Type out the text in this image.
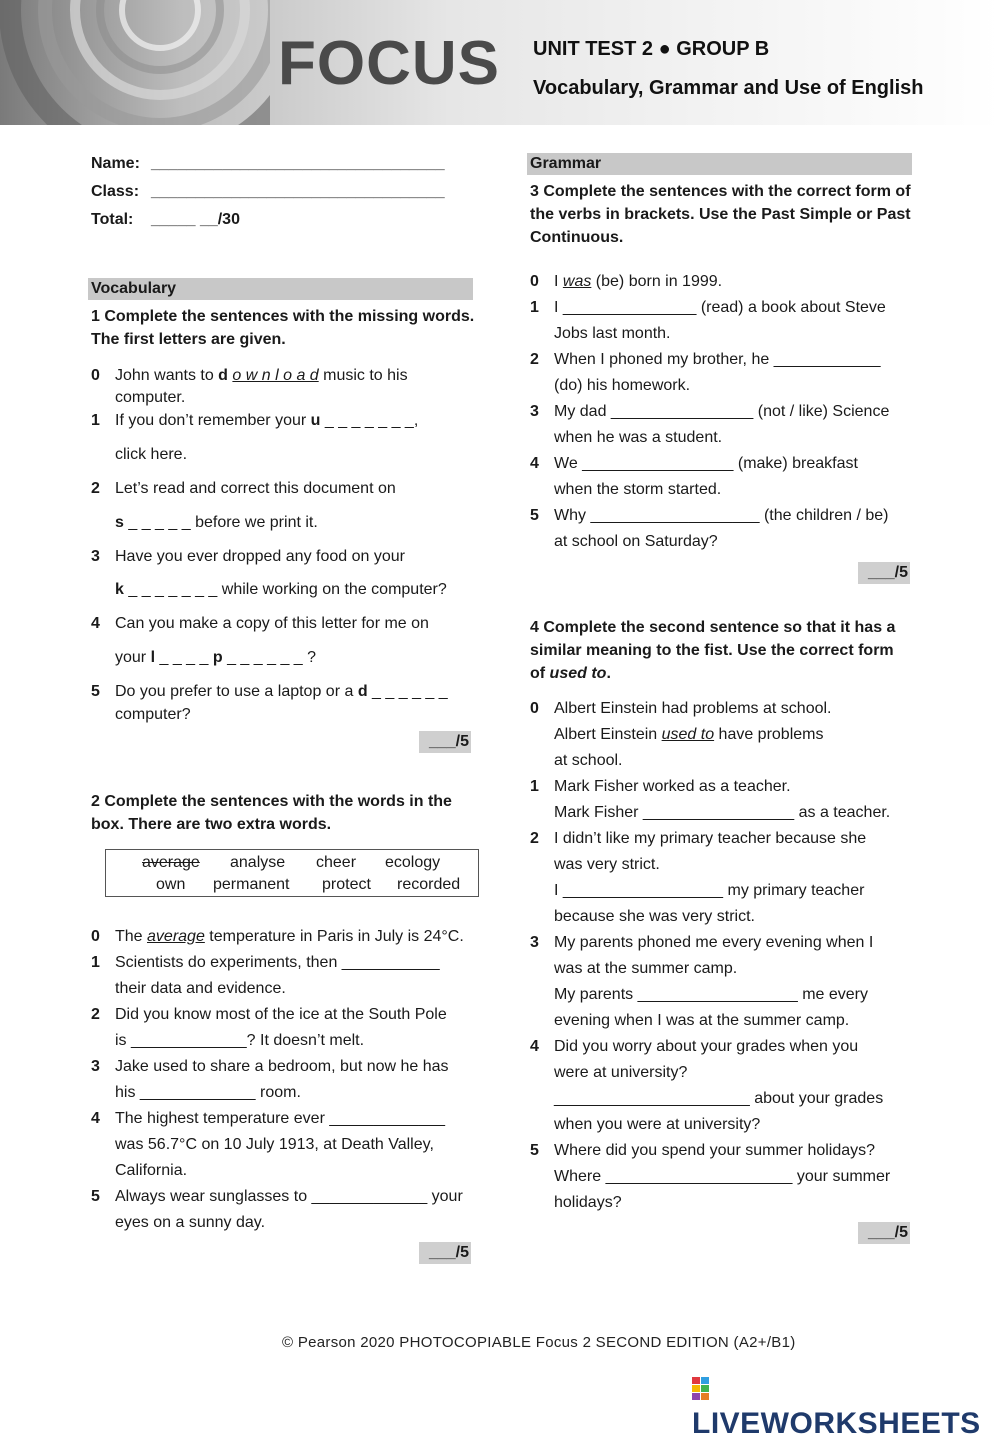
FOCUS UNIT TEST 2 ● GROUP B
Vocabulary, Grammar and Use of English
Name: _________________________________
Class: _________________________________
Total: _____ __/30
Vocabulary
1 Complete the sentences with the missing words.
The first letters are given.
0 John wants to d o w n l o a d music to his
computer.
1 If you don’t remember your u _ _ _ _ _ _ _,
click here.
2 Let’s read and correct this document on
s _ _ _ _ _ before we print it.
3 Have you ever dropped any food on your
k _ _ _ _ _ _ _ while working on the computer?
4 Can you make a copy of this letter for me on
your l _ _ _ _ p _ _ _ _ _ _ ?
5 Do you prefer to use a laptop or a d _ _ _ _ _ _
computer?
___/5
2 Complete the sentences with the words in the
box. There are two extra words.
average analyse cheer ecology
own permanent protect recorded
0 The average temperature in Paris in July is 24°C.
1 Scientists do experiments, then ___________
their data and evidence.
2 Did you know most of the ice at the South Pole
is _____________? It doesn’t melt.
3 Jake used to share a bedroom, but now he has
his _____________ room.
4 The highest temperature ever _____________
was 56.7°C on 10 July 1913, at Death Valley,
California.
5 Always wear sunglasses to _____________ your
eyes on a sunny day.
___/5
Grammar
3 Complete the sentences with the correct form of
the verbs in brackets. Use the Past Simple or Past
Continuous.
0 I was (be) born in 1999.
1 I _______________ (read) a book about Steve
Jobs last month.
2 When I phoned my brother, he ____________
(do) his homework.
3 My dad ________________ (not / like) Science
when he was a student.
4 We _________________ (make) breakfast
when the storm started.
5 Why ___________________ (the children / be)
at school on Saturday?
___/5
4 Complete the second sentence so that it has a
similar meaning to the fist. Use the correct form
of used to.
0 Albert Einstein had problems at school.
Albert Einstein used to have problems
at school.
1 Mark Fisher worked as a teacher.
Mark Fisher _________________ as a teacher.
2 I didn’t like my primary teacher because she
was very strict.
I __________________ my primary teacher
because she was very strict.
3 My parents phoned me every evening when I
was at the summer camp.
My parents __________________ me every
evening when I was at the summer camp.
4 Did you worry about your grades when you
were at university?
______________________ about your grades
when you were at university?
5 Where did you spend your summer holidays?
Where _____________________ your summer
holidays?
___/5
© Pearson 2020 PHOTOCOPIABLE Focus 2 SECOND EDITION (A2+/B1)
LIVEWORKSHEETS
